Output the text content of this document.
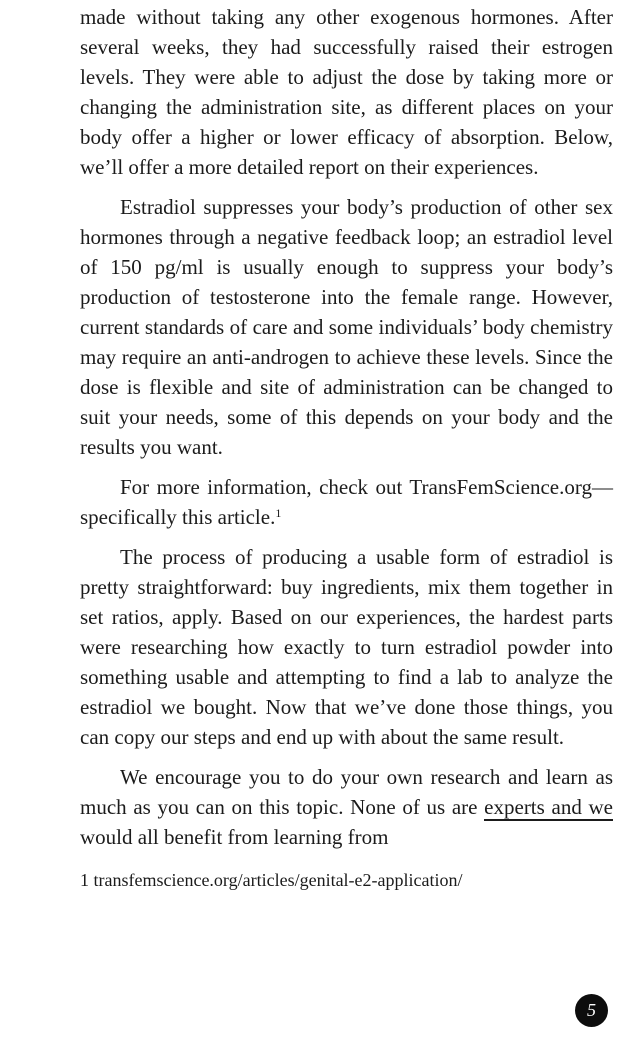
made without taking any other exogenous hormones. After several weeks, they had successfully raised their estrogen levels. They were able to adjust the dose by taking more or changing the administration site, as different places on your body offer a higher or lower efficacy of absorption. Below, we’ll offer a more detailed report on their experiences.

Estradiol suppresses your body’s production of other sex hormones through a negative feedback loop; an estradiol level of 150 pg/ml is usually enough to suppress your body’s production of testosterone into the female range. However, current standards of care and some individuals’ body chemistry may require an anti-androgen to achieve these levels. Since the dose is flexible and site of administration can be changed to suit your needs, some of this depends on your body and the results you want.

For more information, check out TransFemScience.org—specifically this article.$^1$

The process of producing a usable form of estradiol is pretty straightforward: buy ingredients, mix them together in set ratios, apply. Based on our experiences, the hardest parts were researching how exactly to turn estradiol powder into something usable and attempting to find a lab to analyze the estradiol we bought. Now that we’ve done those things, you can copy our steps and end up with about the same result.

We encourage you to do your own research and learn as much as you can on this topic. None of us are experts and we would all benefit from learning from

1 transfemscience.org/articles/genital-e2-application/

5
